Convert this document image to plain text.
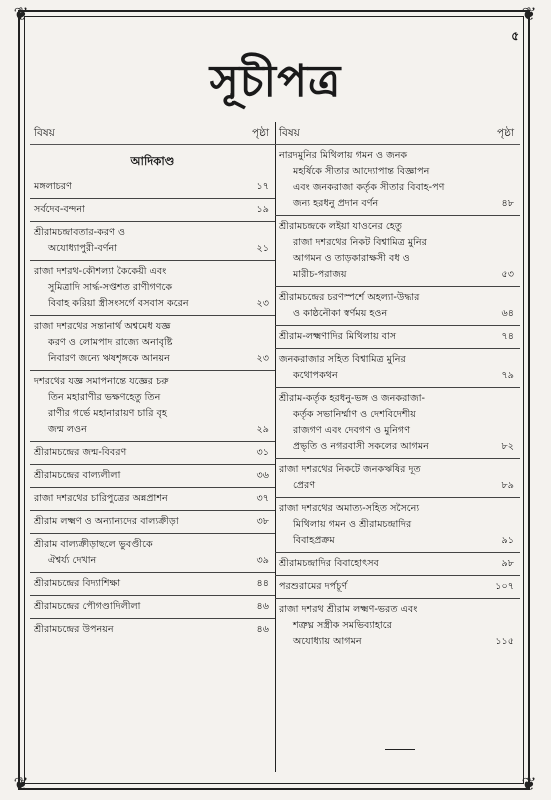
❦	❦
❦	❦
৫
সূচীপত্র
বিষয়	পৃষ্ঠা
আদিকাণ্ড
মঙ্গলাচরণ	১৭
সর্বদেব-বন্দনা	১৯
শ্রীরামচন্দ্রাবতার-করণ ও
অযোধ্যাপুরী-বর্ণনা	২১
রাজা দশরথ-কৌশল্যা কৈকেয়ী এবং
সুমিত্রাদি সার্দ্ধ-সপ্তশত রাণীগণকে
বিবাহ করিয়া স্ত্রীসংসর্গে বসবাস করেন	২৩
রাজা দশরথের সন্তানার্থ অশ্বমেধ যজ্ঞ
করণ ও লোমপাদ রাজ্যে অনাবৃষ্টি
নিবারণ জন্যে ঋষশৃঙ্গকে আনয়ন	২৩
দশরথের যজ্ঞ সমাপনান্তে যজ্ঞের চরু
তিন মহারাণীর ভক্ষণহেতু তিন
রাণীর গর্ভে মহানারায়ণ চারি বৃহ
জন্ম লওন	২৯
শ্রীরামচন্দ্রের জন্ম-বিবরণ	৩১
শ্রীরামচন্দ্রের বাল্যলীলা	৩৬
রাজা দশরথের চারিপুত্রের অন্নপ্রাশন	৩৭
শ্রীরাম লক্ষ্মণ ও অন্যান্যদের বাল্যক্রীড়া	৩৮
শ্রীরাম বাল্যক্রীড়াছলে ভুবণ্ডীকে
ঐশ্বর্য্য দেখান	৩৯
শ্রীরামচন্দ্রের বিদ্যাশিক্ষা	৪৪
শ্রীরামচন্দ্রের পৌগণ্ডাদিলীলা	৪৬
শ্রীরামচন্দ্রের উপনয়ন	৪৬
বিষয়	পৃষ্ঠা
নারদমুনির মিথিলায় গমন ও জনক
মহর্ষিকে সীতার আদ্যোপান্ত বিজ্ঞাপন
এবং জনকরাজা কর্তৃক সীতার বিবাহ-পণ
জন্য হরধনু প্রদান বর্ণন	৪৮
শ্রীরামচন্দ্রকে লইয়া যাওনের হেতু
রাজা দশরথের নিকট বিশ্বামিত্র মুনির
আগমন ও তাড়কারাক্ষসী বধ ও
মারীচ-পরাজয়	৫৩
শ্রীরামচন্দ্রের চরণস্পর্শে অহল্যা-উদ্ধার
ও কাষ্ঠনৌকা স্বর্ণময় হওন	৬৪
শ্রীরাম-লক্ষ্মণাদির মিথিলায় বাস	৭৪
জনকরাজার সহিত বিশ্বামিত্র মুনির
কথোপকথন	৭৯
শ্রীরাম-কর্তৃক হরধনু-ভঙ্গ ও জনকরাজা-
কর্তৃক সভানির্ম্মাণ ও দেশবিদেশীয়
রাজগণ এবং দেবগণ ও মুনিগণ
প্রভৃতি ও নগরবাসী সকলের আগমন	৮২
রাজা দশরথের নিকটে জনকঋষির দূত
প্রেরণ	৮৯
রাজা দশরথের অমাত্য-সহিত সসৈন্যে
মিথিলায় গমন ও শ্রীরামচন্দ্রাদির
বিবাহপ্রক্রম	৯১
শ্রীরামচন্দ্রাদির বিবাহোৎসব	৯৮
পরশুরামের দর্পচূর্ণ	১০৭
রাজা দশরথ শ্রীরাম লক্ষ্মণ-ভরত এবং
শত্রুঘ্ন সস্ত্রীক সমভিব্যাহারে
অযোধ্যায় আগমন	১১৫
